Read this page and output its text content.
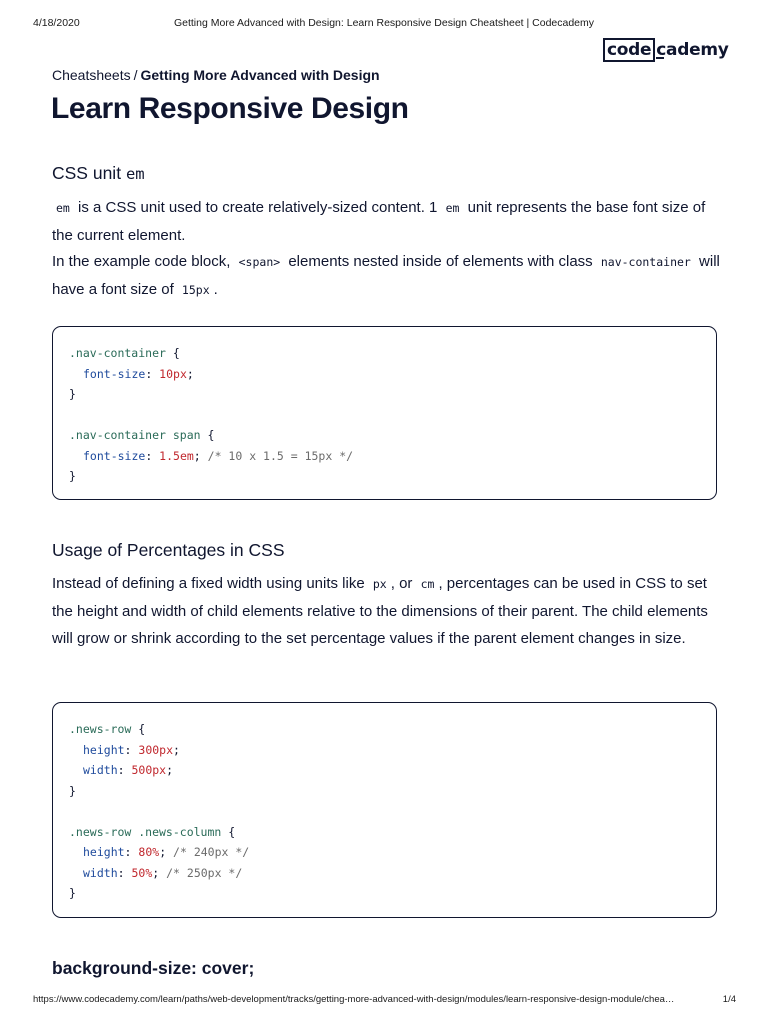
4/18/2020	Getting More Advanced with Design: Learn Responsive Design Cheatsheet | Codecademy
code cademy
Cheatsheets / Getting More Advanced with Design
Learn Responsive Design
CSS unit em

em is a CSS unit used to create relatively-sized content. 1 em unit represents the base font size of the current element.

In the example code block, <span> elements nested inside of elements with class nav-container will have a font size of 15px .

.nav-container {
font-size: 10px;
}
.nav-container span {
font-size: 1.5em; /* 10 x 1.5 = 15px */
}
Usage of Percentages in CSS

Instead of defining a fixed width using units like px , or cm , percentages can be used in CSS to set the height and width of child elements relative to the dimensions of their parent. The child elements will grow or shrink according to the set percentage values if the parent element changes in size.

.news-row {
height: 300px;
width: 500px;
}
.news-row .news-column {
height: 80%; /* 240px */
width: 50%; /* 250px */
}
background-size: cover;
https://www.codecademy.com/learn/paths/web-development/tracks/getting-more-advanced-with-design/modules/learn-responsive-design-module/chea…	1/4
